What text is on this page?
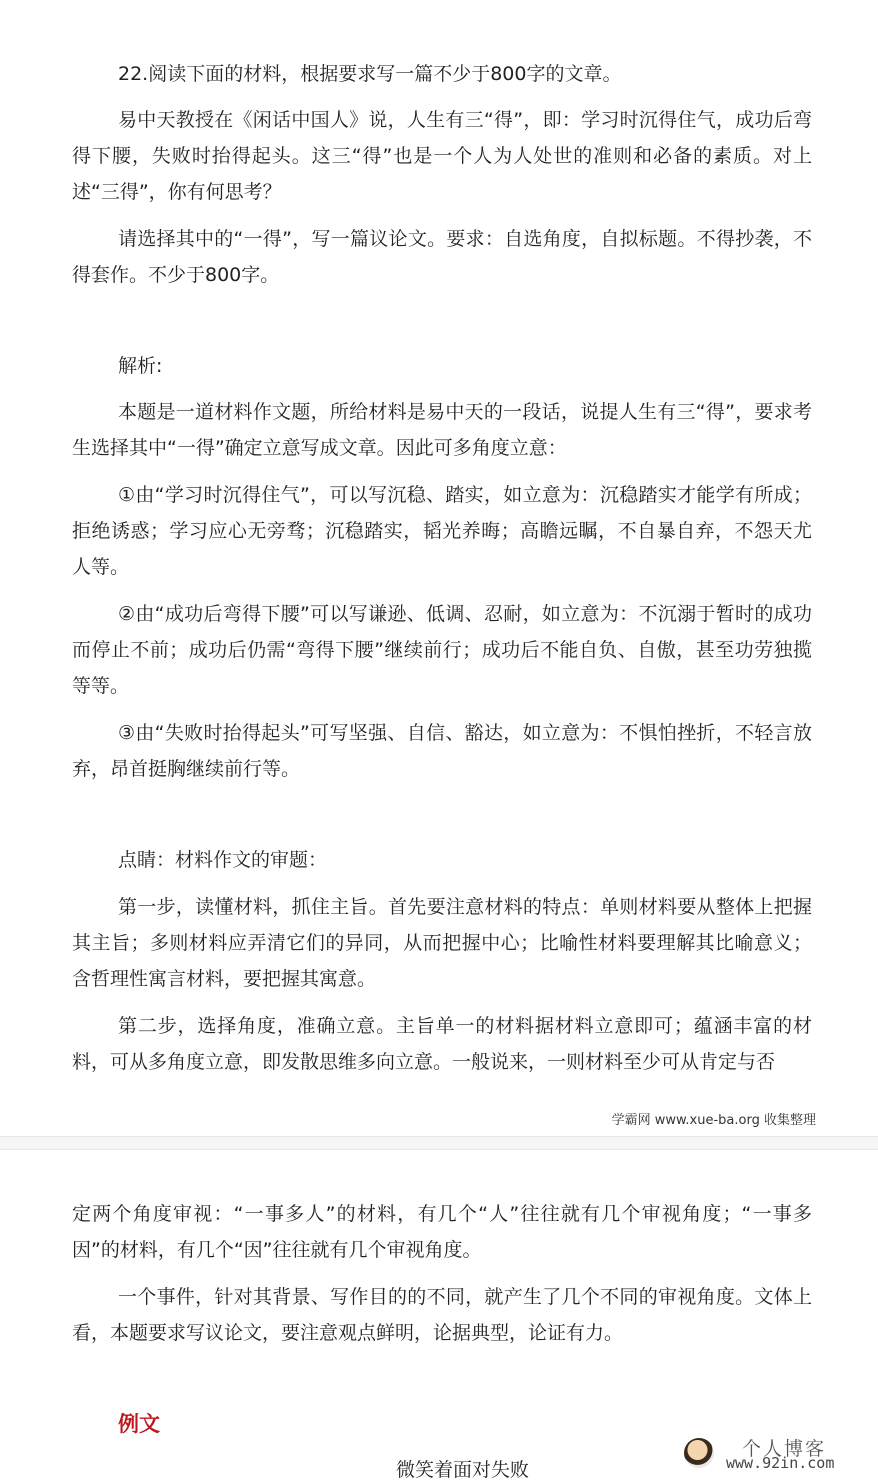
22.阅读下面的材料，根据要求写一篇不少于800字的文章。

易中天教授在《闲话中国人》说，人生有三“得”，即：学习时沉得住气，成功后弯得下腰，失败时抬得起头。这三“得”也是一个人为人处世的准则和必备的素质。对上述“三得”，你有何思考？

请选择其中的“一得”，写一篇议论文。要求：自选角度，自拟标题。不得抄袭，不得套作。不少于800字。

解析:

本题是一道材料作文题，所给材料是易中天的一段话，说提人生有三“得”，要求考生选择其中“一得”确定立意写成文章。因此可多角度立意：

①由“学习时沉得住气”，可以写沉稳、踏实，如立意为：沉稳踏实才能学有所成；拒绝诱惑；学习应心无旁骛；沉稳踏实，韬光养晦；高瞻远瞩，不自暴自弃，不怨天尤人等。

②由“成功后弯得下腰”可以写谦逊、低调、忍耐，如立意为：不沉溺于暂时的成功而停止不前；成功后仍需“弯得下腰”继续前行；成功后不能自负、自傲，甚至功劳独揽等等。

③由“失败时抬得起头”可写坚强、自信、豁达，如立意为：不惧怕挫折，不轻言放弃，昂首挺胸继续前行等。

点睛：材料作文的审题：

第一步，读懂材料，抓住主旨。首先要注意材料的特点：单则材料要从整体上把握其主旨；多则材料应弄清它们的异同，从而把握中心；比喻性材料要理解其比喻意义；含哲理性寓言材料，要把握其寓意。

第二步，选择角度，准确立意。主旨单一的材料据材料立意即可；蕴涵丰富的材料，可从多角度立意，即发散思维多向立意。一般说来，一则材料至少可从肯定与否

学霸网 www.xue-ba.org 收集整理

定两个角度审视：“一事多人”的材料，有几个“人”往往就有几个审视角度；“一事多因”的材料，有几个“因”往往就有几个审视角度。

一个事件，针对其背景、写作目的的不同，就产生了几个不同的审视角度。文体上看，本题要求写议论文，要注意观点鲜明，论据典型，论证有力。

例文
微笑着面对失败
个人博客
www.92in.com
